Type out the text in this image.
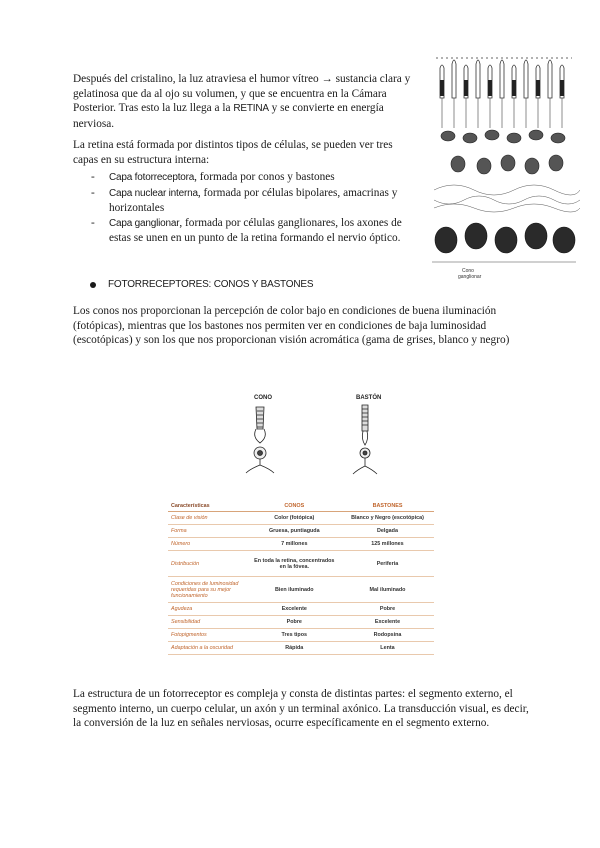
Después del cristalino, la luz atraviesa el humor vítreo → sustancia clara y gelatinosa que da al ojo su volumen, y que se encuentra en la Cámara Posterior. Tras esto la luz llega a la RETINA y se convierte en energía nerviosa.

La retina está formada por distintos tipos de células, se pueden ver tres capas en su estructura interna:

- Capa fotorreceptora, formada por conos y bastones
- Capa nuclear interna, formada por células bipolares, amacrinas y horizontales
- Capa ganglionar, formada por células ganglionares, los axones de estas se unen en un punto de la retina formando el nervio óptico.
FOTORRECEPTORES: CONOS Y BASTONES

Los conos nos proporcionan la percepción de color bajo en condiciones de buena iluminación (fotópicas), mientras que los bastones nos permiten ver en condiciones de baja luminosidad (escotópicas) y son los que nos proporcionan visión acromática (gama de grises, blanco y negro)

Cono
ganglionar
CONO	BASTÓN
Características	CONOS	BASTONES
Clase de visión	Color (fotópica)	Blanco y Negro (escotópica)
Forma	Gruesa, puntiaguda	Delgada
Número	7 millones	125 millones
Distribución	En toda la retina, concentrados en la fóvea.	Periferia
Condiciones de luminosidad requeridas para su mejor funcionamiento	Bien iluminado	Mal iluminado
Agudeza	Excelente	Pobre
Sensibilidad	Pobre	Excelente
Fotopigmentos	Tres tipos	Rodopsina
Adaptación a la oscuridad	Rápida	Lenta

La estructura de un fotorreceptor es compleja y consta de distintas partes: el segmento externo, el segmento interno, un cuerpo celular, un axón y un terminal axónico. La transducción visual, es decir, la conversión de la luz en señales nerviosas, ocurre específicamente en el segmento externo.
